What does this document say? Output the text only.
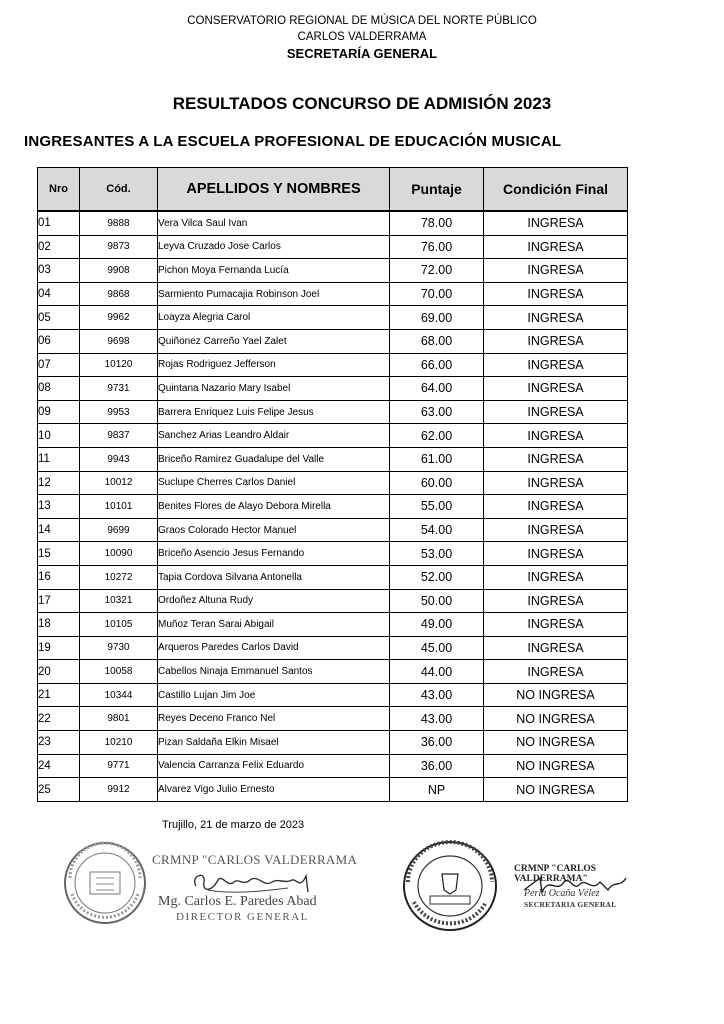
CONSERVATORIO REGIONAL DE MÚSICA DEL NORTE PÚBLICO
CARLOS VALDERRAMA
SECRETARÍA GENERAL
RESULTADOS CONCURSO DE ADMISIÓN 2023
INGRESANTES A LA ESCUELA PROFESIONAL DE EDUCACIÓN MUSICAL
Nro	Cód.	APELLIDOS Y NOMBRES	Puntaje	Condición Final
01	9888	Vera Vilca Saul Ivan	78.00	INGRESA
02	9873	Leyva Cruzado Jose Carlos	76.00	INGRESA
03	9908	Pichon Moya Fernanda Lucía	72.00	INGRESA
04	9868	Sarmiento Pumacajia Robinson Joel	70.00	INGRESA
05	9962	Loayza Alegria Carol	69.00	INGRESA
06	9698	Quiñonez Carreño Yael Zalet	68.00	INGRESA
07	10120	Rojas Rodriguez Jefferson	66.00	INGRESA
08	9731	Quintana Nazario Mary Isabel	64.00	INGRESA
09	9953	Barrera Enriquez Luis Felipe Jesus	63.00	INGRESA
10	9837	Sanchez Arias Leandro Aldair	62.00	INGRESA
11	9943	Briceño Ramirez Guadalupe del Valle	61.00	INGRESA
12	10012	Suclupe Cherres Carlos Daniel	60.00	INGRESA
13	10101	Benites Flores de Alayo Debora Mirella	55.00	INGRESA
14	9699	Graos Colorado Hector Manuel	54.00	INGRESA
15	10090	Briceño Asencio Jesus Fernando	53.00	INGRESA
16	10272	Tapia Cordova Silvana Antonella	52.00	INGRESA
17	10321	Ordoñez Altuna Rudy	50.00	INGRESA
18	10105	Muñoz Teran Sarai Abigail	49.00	INGRESA
19	9730	Arqueros Paredes Carlos David	45.00	INGRESA
20	10058	Cabellos Ninaja Emmanuel Santos	44.00	INGRESA
21	10344	Castillo Lujan Jim Joe	43.00	NO INGRESA
22	9801	Reyes Deceno Franco Nel	43.00	NO INGRESA
23	10210	Pizan Saldaña Elkin Misael	36.00	NO INGRESA
24	9771	Valencia Carranza Felix Eduardo	36.00	NO INGRESA
25	9912	Alvarez Vigo Julio Ernesto	NP	NO INGRESA
Trujillo, 21 de marzo de 2023
CRMNP "CARLOS VALDERRAMA
Mg. Carlos E. Paredes Abad
DIRECTOR GENERAL
CRMNP "CARLOS VALDERRAMA"
Perla Ocaña Vélez
SECRETARIA GENERAL
